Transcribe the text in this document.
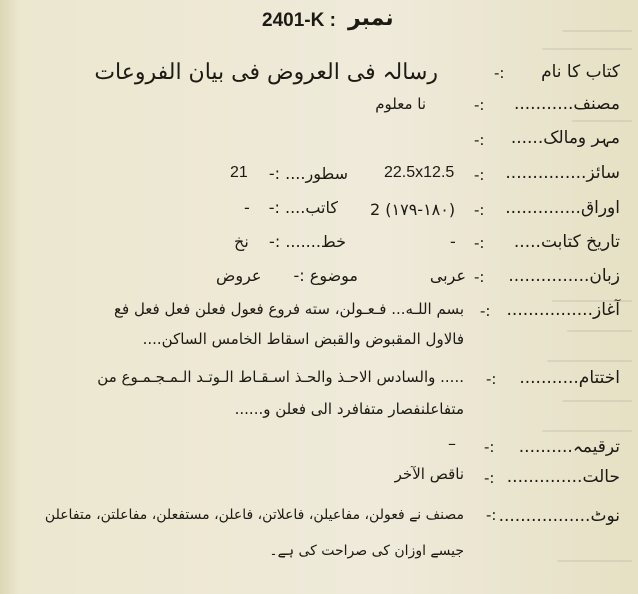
2401-K : نمبر
کتاب کا نام
:-
رسالہ فی العروض فی بیان الفروعات
مصنف...........
:-
نا معلوم
مہر ومالک......
:-
سائز...............
:-
22.5x12.5
سطور.... :-
21
اوراق..............
:-
2 (۱۷۹-۱۸۰)
کاتب.... :-
-
تاریخ کتابت.....
:-
-
خط....... :-
نخ
زبان...............
:-
عربی
موضوع :-
عروض
آغاز................
:-
بسم اللـه... فـعـولن، سته فروع فعول فعلن فعل فعل فع
فالاول المقبوض والقبض اسقاط الخامس الساكن....
اختتام...........
:-
..... والسادس الاحـذ والحـذ اسـقـاط الـوتـد الـمـجـمـوع من
متفاعلنفصار متفافرد الی فعلن و......
ترقیمہ..........
:-
–
حالت..............
:-
ناقص الآخر
نوٹ.................
:-
مصنف نے فعولن، مفاعیلن، فاعلاتن، فاعلن، مستفعلن، مفاعلتن، متفاعلن
جیسے اوزان کی صراحت کی ہے۔
